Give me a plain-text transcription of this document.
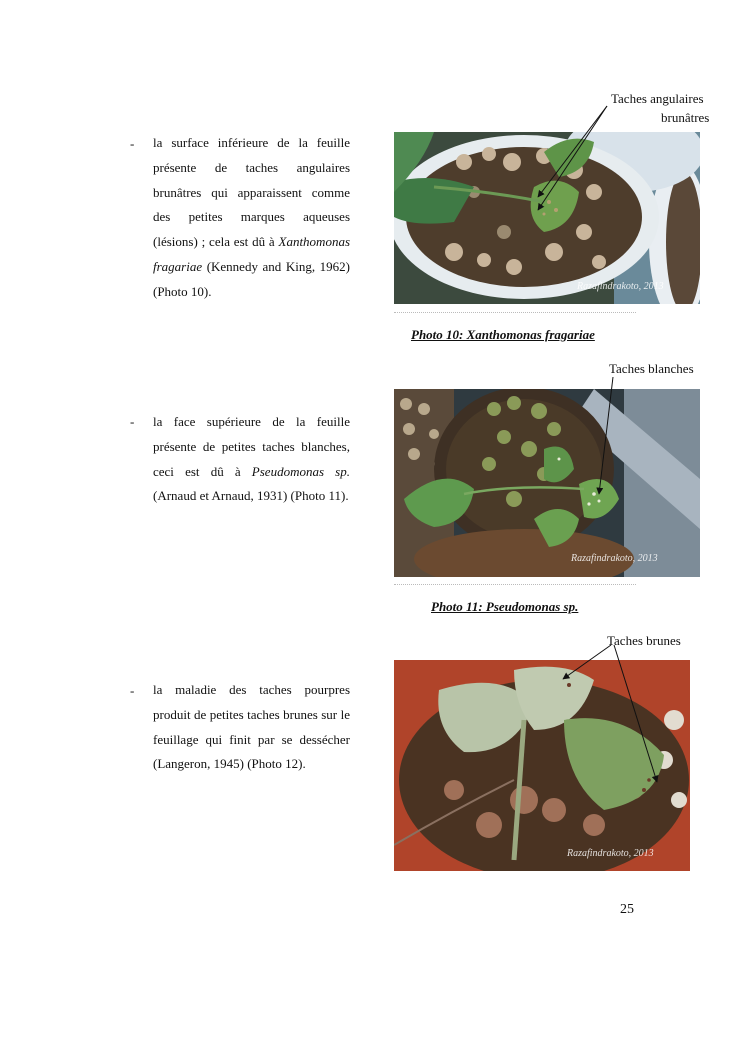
- la surface inférieure de la feuille présente de taches angulaires brunâtres qui apparaissent comme des petites marques aqueuses (lésions) ; cela est dû à Xanthomonas fragariae (Kennedy and King, 1962) (Photo 10).
Taches angulaires
brunâtres
Razafindrakoto, 2013
Photo 10: Xanthomonas fragariae
Taches blanches
- la face supérieure de la feuille présente de petites taches blanches, ceci est dû à Pseudomonas sp. (Arnaud et Arnaud, 1931) (Photo 11).
Razafindrakoto, 2013
Photo 11: Pseudomonas sp.
Taches brunes
- la maladie des taches pourpres produit de petites taches brunes sur le feuillage qui finit par se dessécher (Langeron, 1945) (Photo 12).
Razafindrakoto, 2013
25
